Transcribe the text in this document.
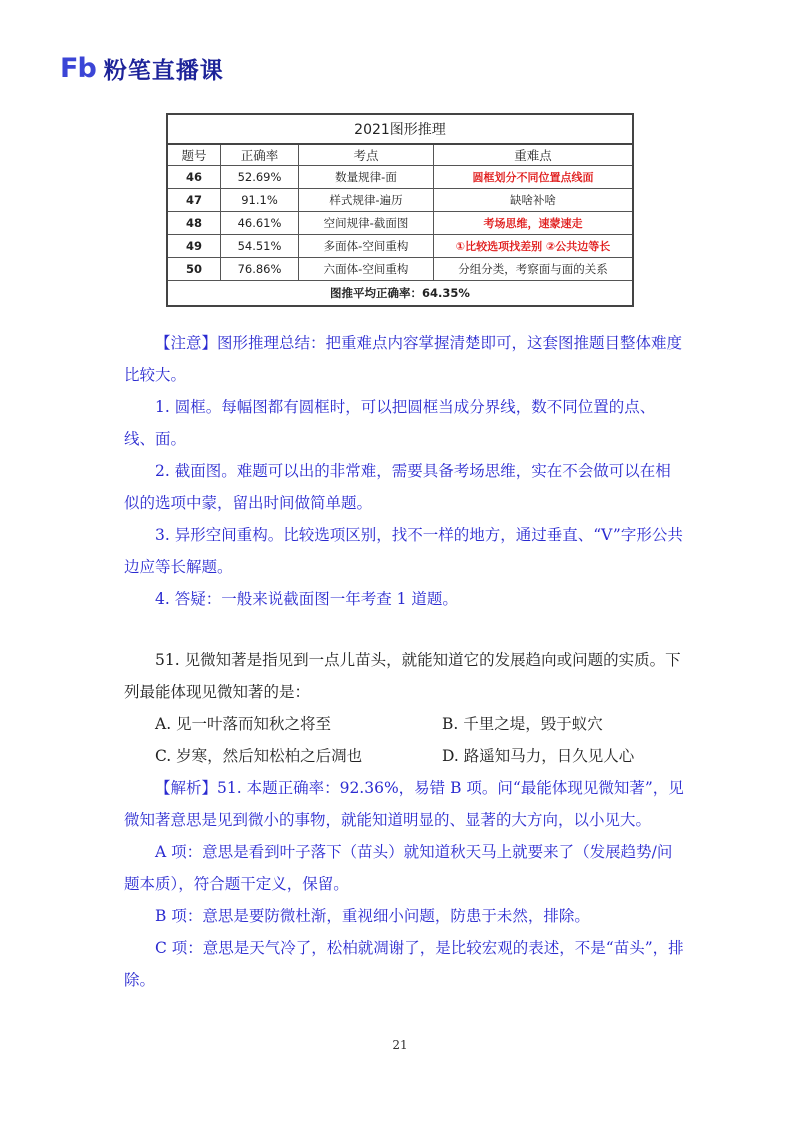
Fb 粉笔直播课
2021图形推理			
题号	正确率	考点	重难点
46	52.69%	数量规律-面	圆框划分不同位置点线面
47	91.1%	样式规律-遍历	缺啥补啥
48	46.61%	空间规律-截面图	考场思维，速蒙速走
49	54.51%	多面体-空间重构	①比较选项找差别 ②公共边等长
50	76.86%	六面体-空间重构	分组分类，考察面与面的关系
图推平均正确率：64.35%			
【注意】图形推理总结：把重难点内容掌握清楚即可，这套图推题目整体难度比较大。
1. 圆框。每幅图都有圆框时，可以把圆框当成分界线，数不同位置的点、线、面。
2. 截面图。难题可以出的非常难，需要具备考场思维，实在不会做可以在相似的选项中蒙，留出时间做简单题。
3. 异形空间重构。比较选项区别，找不一样的地方，通过垂直、“V”字形公共边应等长解题。
4. 答疑：一般来说截面图一年考查 1 道题。
51. 见微知著是指见到一点儿苗头，就能知道它的发展趋向或问题的实质。下列最能体现见微知著的是：
A. 见一叶落而知秋之将至	B. 千里之堤，毁于蚁穴
C. 岁寒，然后知松柏之后凋也	D. 路遥知马力，日久见人心
【解析】51. 本题正确率：92.36%，易错 B 项。问“最能体现见微知著”，见微知著意思是见到微小的事物，就能知道明显的、显著的大方向，以小见大。
A 项：意思是看到叶子落下（苗头）就知道秋天马上就要来了（发展趋势/问题本质），符合题干定义，保留。
B 项：意思是要防微杜渐，重视细小问题，防患于未然，排除。
C 项：意思是天气冷了，松柏就凋谢了，是比较宏观的表述，不是“苗头”，排除。
21
